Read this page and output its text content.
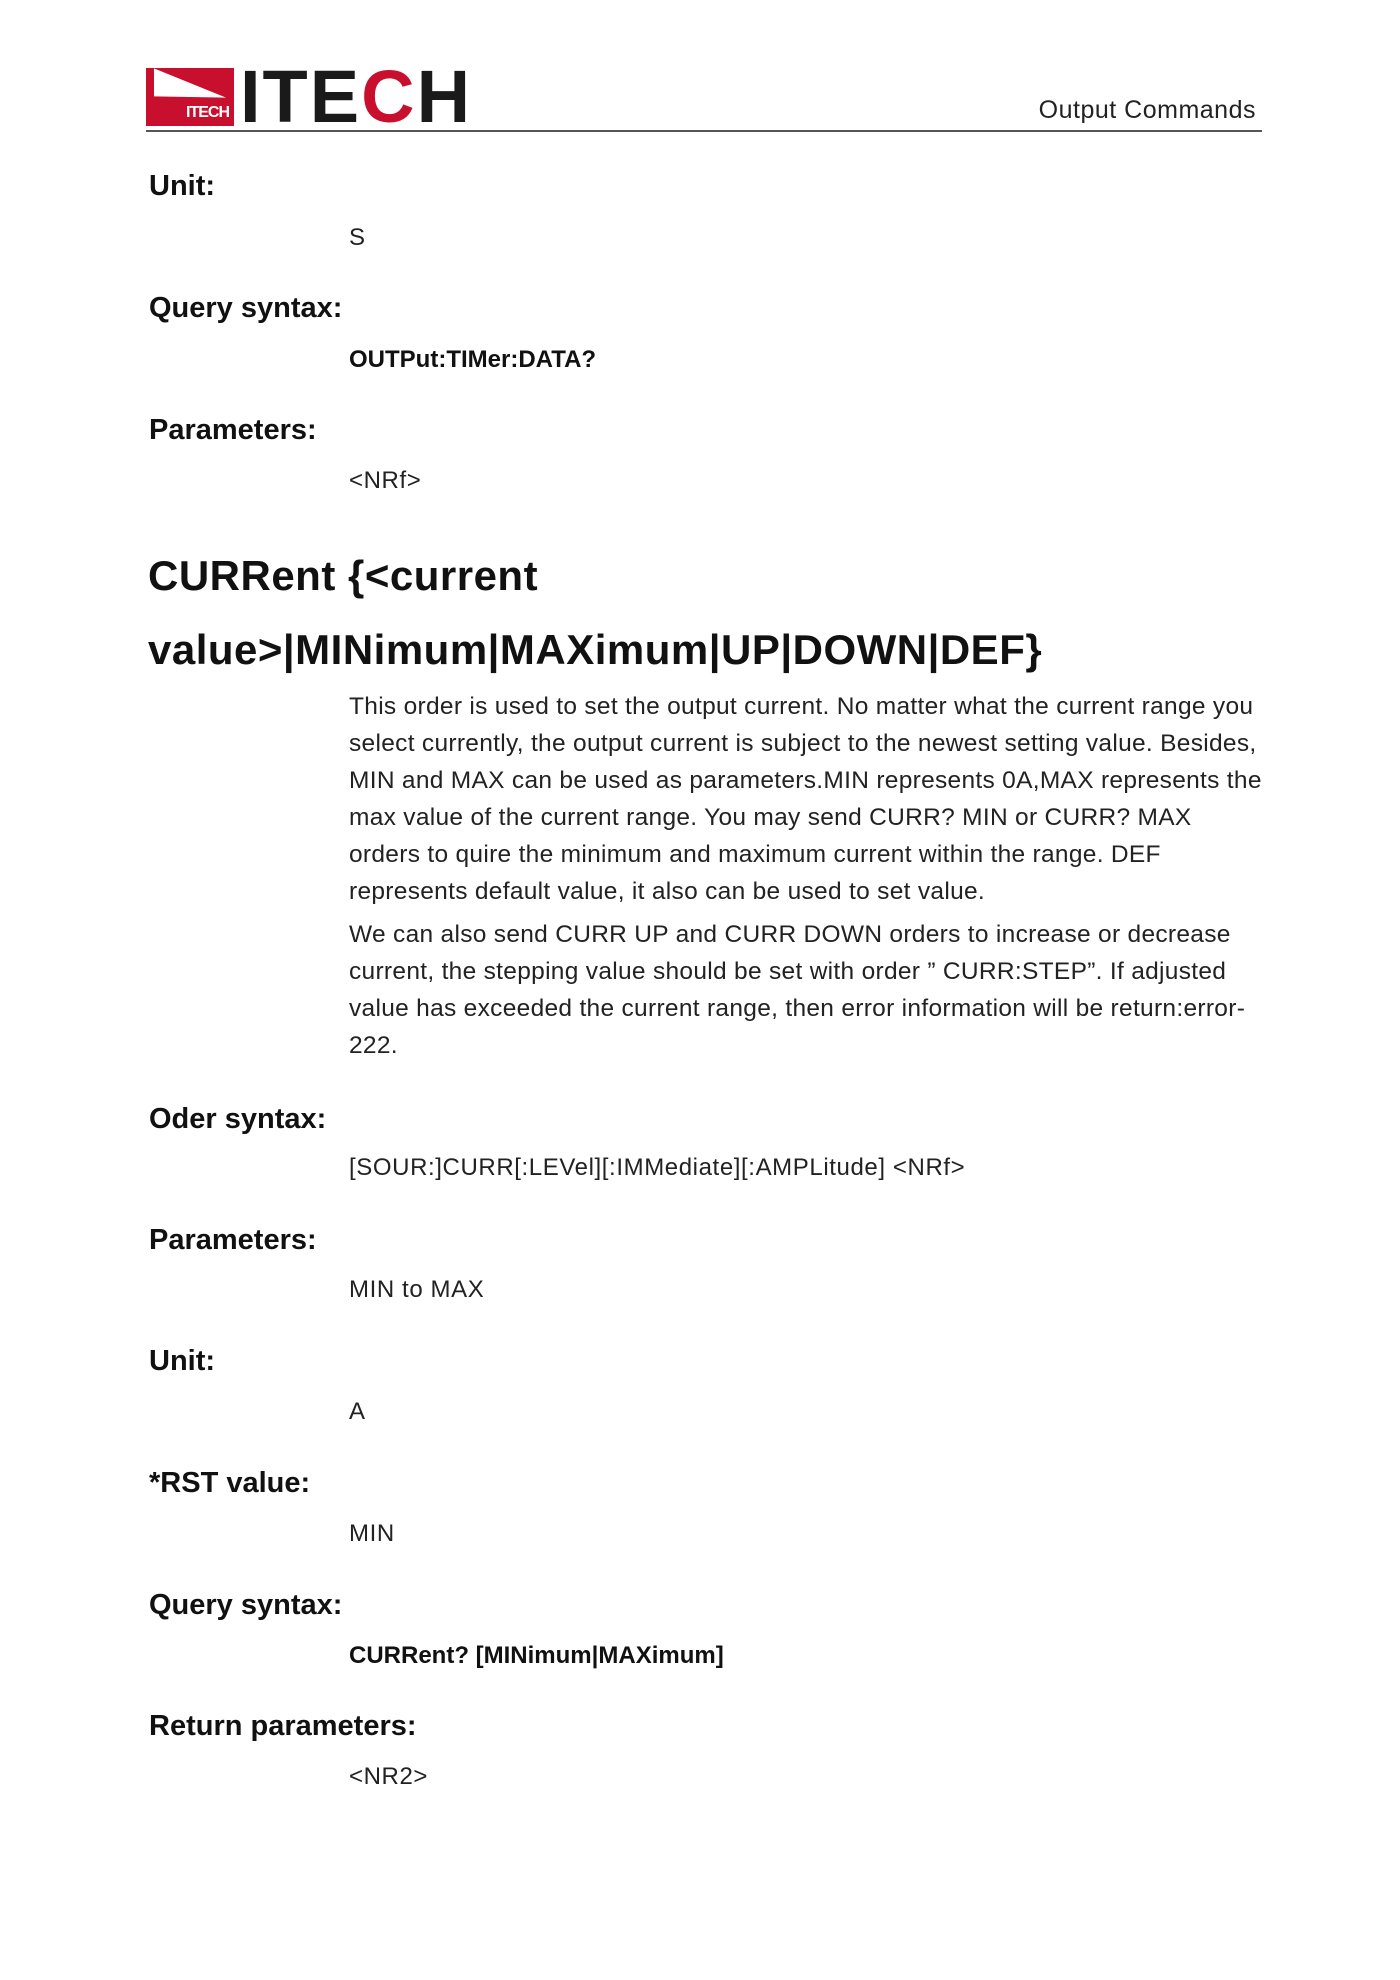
ITECH ITECH	Output Commands
Unit:
S
Query syntax:
OUTPut:TIMer:DATA?
Parameters:
<NRf>
CURRent {<current
value>|MINimum|MAXimum|UP|DOWN|DEF}

This order is used to set the output current. No matter what the current range you select currently, the output current is subject to the newest setting value. Besides, MIN and MAX can be used as parameters.MIN represents 0A,MAX represents the max value of the current range. You may send CURR? MIN or CURR? MAX orders to quire the minimum and maximum current within the range. DEF represents default value, it also can be used to set value.

We can also send CURR UP and CURR DOWN orders to increase or decrease current, the stepping value should be set with order ” CURR:STEP”. If adjusted value has exceeded the current range, then error information will be return:error-222.

Oder syntax:
[SOUR:]CURR[:LEVel][:IMMediate][:AMPLitude] <NRf>
Parameters:
MIN to MAX
Unit:
A
*RST value:
MIN
Query syntax:
CURRent? [MINimum|MAXimum]
Return parameters:
<NR2>
